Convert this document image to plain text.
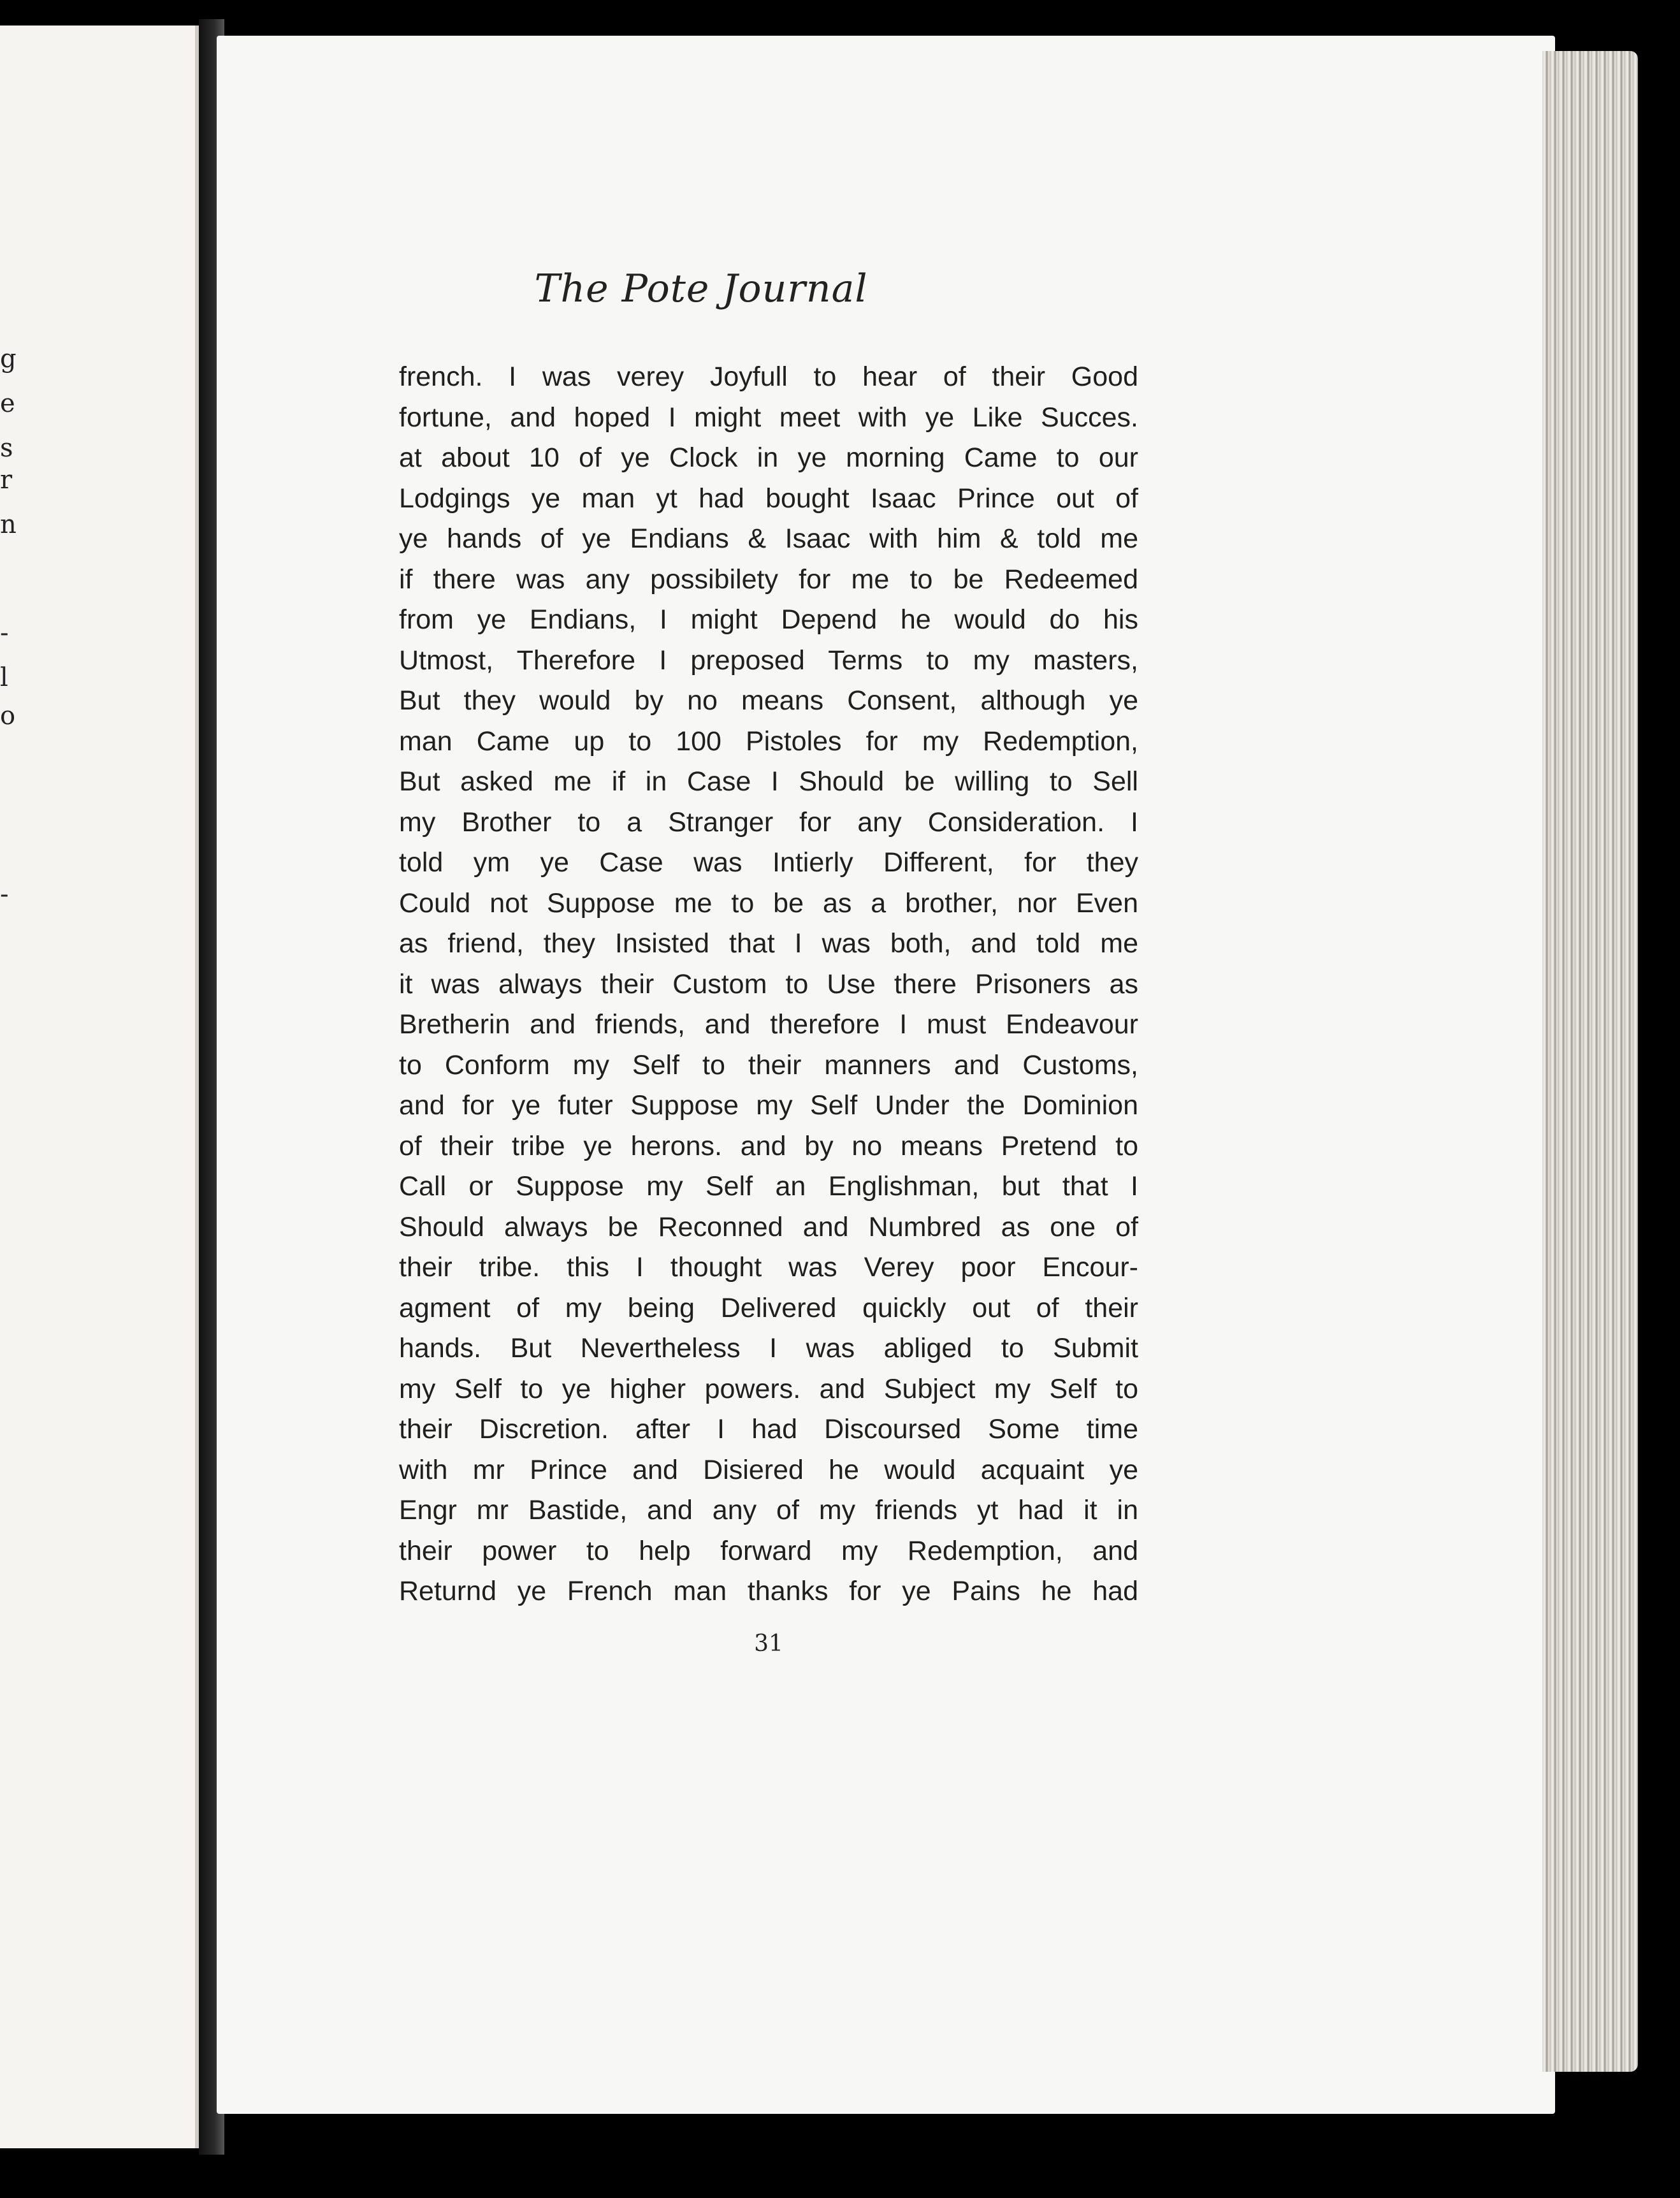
g
e
s
r
n
-
l
o
-
The Pote Journal
french. I was verey Joyfull to hear of their Good
fortune, and hoped I might meet with ye Like Succes.
at about 10 of ye Clock in ye morning Came to our
Lodgings ye man yt had bought Isaac Prince out of
ye hands of ye Endians & Isaac with him & told me
if there was any possibilety for me to be Redeemed
from ye Endians, I might Depend he would do his
Utmost, Therefore I preposed Terms to my masters,
But they would by no means Consent, although ye
man Came up to 100 Pistoles for my Redemption,
But asked me if in Case I Should be willing to Sell
my Brother to a Stranger for any Consideration. I
told ym ye Case was Intierly Different, for they
Could not Suppose me to be as a brother, nor Even
as friend, they Insisted that I was both, and told me
it was always their Custom to Use there Prisoners as
Bretherin and friends, and therefore I must Endeavour
to Conform my Self to their manners and Customs,
and for ye futer Suppose my Self Under the Dominion
of their tribe ye herons. and by no means Pretend to
Call or Suppose my Self an Englishman, but that I
Should always be Reconned and Numbred as one of
their tribe. this I thought was Verey poor Encour-
agment of my being Delivered quickly out of their
hands. But Nevertheless I was abliged to Submit
my Self to ye higher powers. and Subject my Self to
their Discretion. after I had Discoursed Some time
with mr Prince and Disiered he would acquaint ye
Engr mr Bastide, and any of my friends yt had it in
their power to help forward my Redemption, and
Returnd ye French man thanks for ye Pains he had
31
